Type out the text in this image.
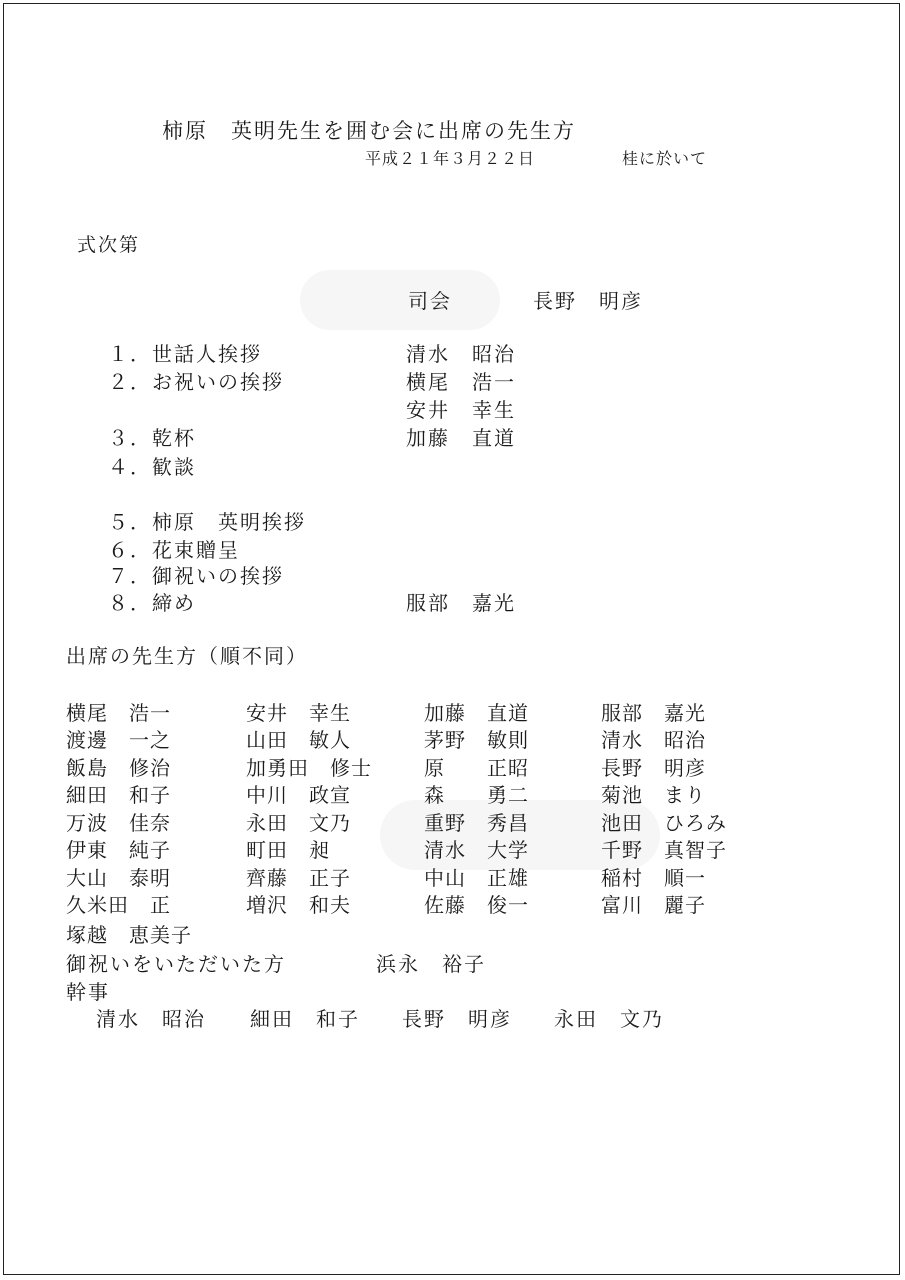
柿原　英明先生を囲む会に出席の先生方
平成２１年３月２２日	桂に於いて
式次第
司会	長野　明彦
１．世話人挨拶	清水　昭治
２．お祝いの挨拶	横尾　浩一
安井　幸生
３．乾杯	加藤　直道
４．歓談
５．柿原　英明挨拶
６．花束贈呈
７．御祝いの挨拶
８．締め	服部　嘉光
出席の先生方（順不同）
横尾　浩一	安井　幸生	加藤　直道	服部　嘉光
渡邊　一之	山田　敏人	茅野　敏則	清水　昭治
飯島　修治	加勇田　修士	原　　正昭	長野　明彦
細田　和子	中川　政宣	森　　勇二	菊池　まり
万波　佳奈	永田　文乃	重野　秀昌	池田　ひろみ
伊東　純子	町田　昶	清水　大学	千野　真智子
大山　泰明	齊藤　正子	中山　正雄	稲村　順一
久米田　正	増沢　和夫	佐藤　俊一	富川　麗子
塚越　恵美子
御祝いをいただいた方	浜永　裕子
幹事
清水　昭治 細田　和子 長野　明彦 永田　文乃
